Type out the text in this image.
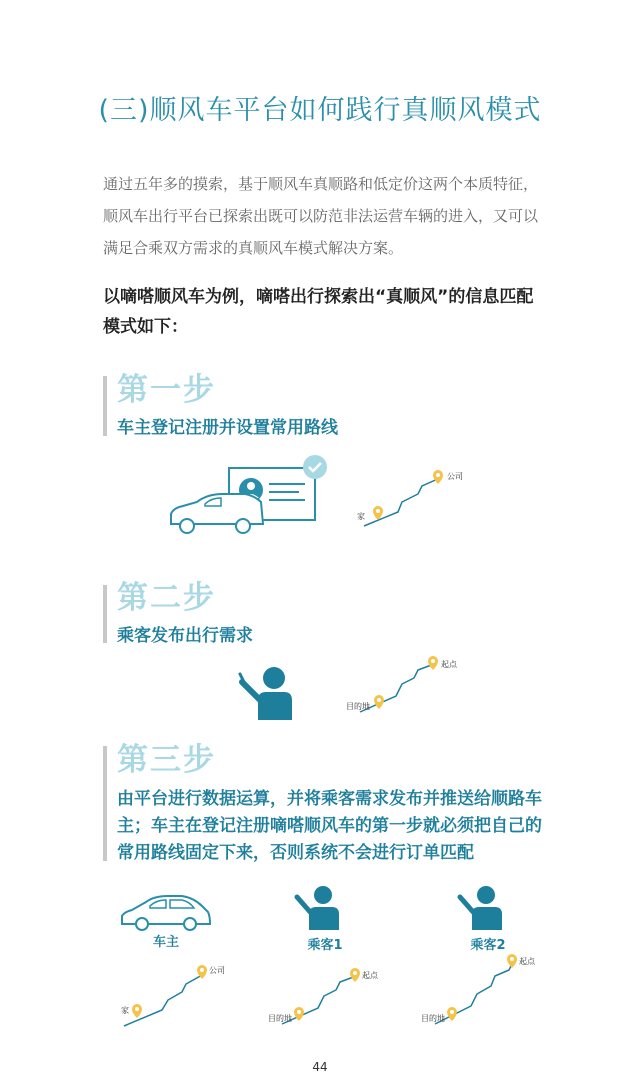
(三)顺风车平台如何践行真顺风模式
通过五年多的摸索，基于顺风车真顺路和低定价这两个本质特征，顺风车出行平台已探索出既可以防范非法运营车辆的进入，又可以满足合乘双方需求的真顺风车模式解决方案。
以嘀嗒顺风车为例，嘀嗒出行探索出“真顺风”的信息匹配模式如下：
第一步
车主登记注册并设置常用路线
家
公司
第二步
乘客发布出行需求
目的地
起点
第三步
由平台进行数据运算，并将乘客需求发布并推送给顺路车主；车主在登记注册嘀嗒顺风车的第一步就必须把自己的常用路线固定下来，否则系统不会进行订单匹配
车主	乘客1	乘客2
家
公司
目的地
起点
目的地
起点
44
